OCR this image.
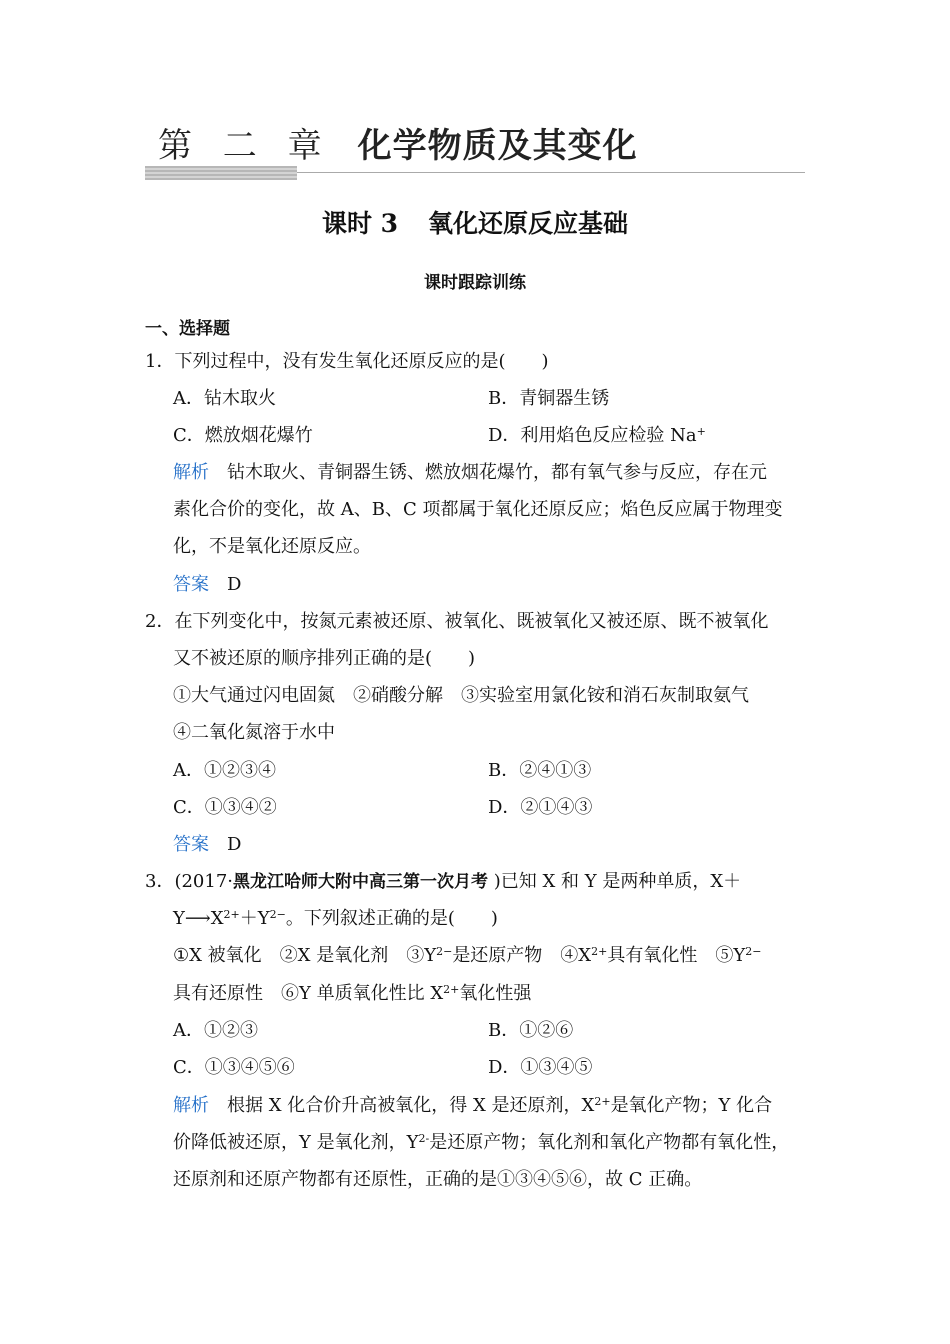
第 二 章 化学物质及其变化
课时 3 氧化还原反应基础
课时跟踪训练
一、选择题
1．下列过程中，没有发生氧化还原反应的是(　　)
A．钻木取火	B．青铜器生锈
C．燃放烟花爆竹	D．利用焰色反应检验 Na+
解析　 钻木取火、青铜器生锈、燃放烟花爆竹，都有氧气参与反应，存在元
素化合价的变化，故 A、B、C 项都属于氧化还原反应；焰色反应属于物理变
化，不是氧化还原反应。
答案　 D
2．在下列变化中，按氮元素被还原、被氧化、既被氧化又被还原、既不被氧化
又不被还原的顺序排列正确的是(　　)
①大气通过闪电固氮　②硝酸分解　③实验室用氯化铵和消石灰制取氨气
④二氧化氮溶于水中
A．①②③④	B．②④①③
C．①③④②	D．②①④③
答案　 D
3．(2017·黑龙江哈师大附中高三第一次月考 )已知 X 和 Y 是两种单质，X＋
$Y⟶X^{2+}+Y^{2-}$。下列叙述正确的是(　　)
①X 被氧化　②X 是氧化剂　$③Y^{2-}$是还原产物　$④X^{2+}$具有氧化性　$⑤Y^{2-}$
具有还原性　⑥Y 单质氧化性比 $X^{2+}$氧化性强
A．①②③	B．①②⑥
C．①③④⑤⑥	D．①③④⑤
解析　 根据 X 化合价升高被氧化，得 X 是还原剂，$X^{2+}$是氧化产物；Y 化合
价降低被还原，Y 是氧化剂，$Y^{2-}$是还原产物；氧化剂和氧化产物都有氧化性，
还原剂和还原产物都有还原性，正确的是①③④⑤⑥，故 C 正确。
